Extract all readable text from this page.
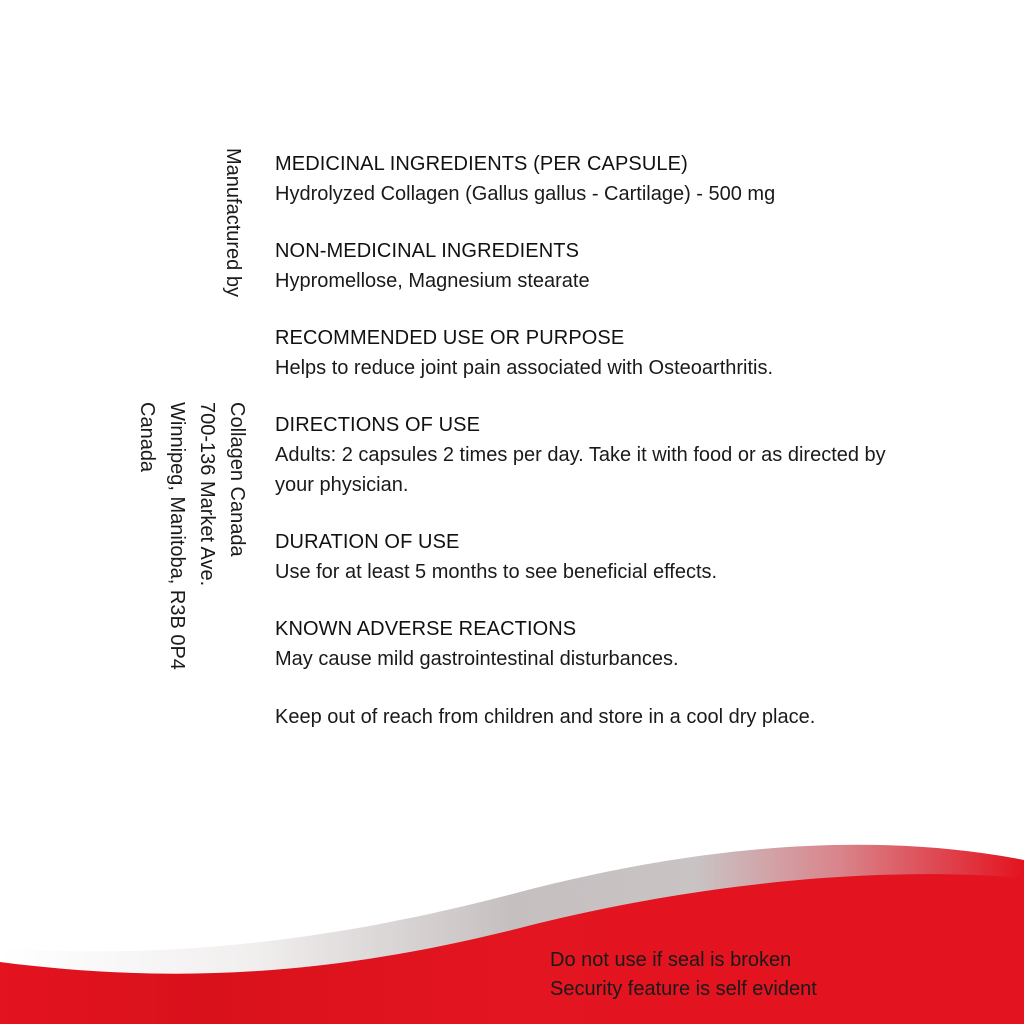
Manufactured by
Collagen Canada
700-136 Market Ave.
Winnipeg, Manitoba, R3B 0P4
Canada

MEDICINAL INGREDIENTS (PER CAPSULE)

Hydrolyzed Collagen (Gallus gallus - Cartilage) - 500 mg

NON-MEDICINAL INGREDIENTS

Hypromellose, Magnesium stearate

RECOMMENDED USE OR PURPOSE

Helps to reduce joint pain associated with Osteoarthritis.

DIRECTIONS OF USE

Adults: 2 capsules 2 times per day. Take it with food or as directed by your physician.

DURATION OF USE

Use for at least 5 months to see beneficial effects.

KNOWN ADVERSE REACTIONS

May cause mild gastrointestinal disturbances.

Keep out of reach from children and store in a cool dry place.

Do not use if seal is broken
Security feature is self evident
